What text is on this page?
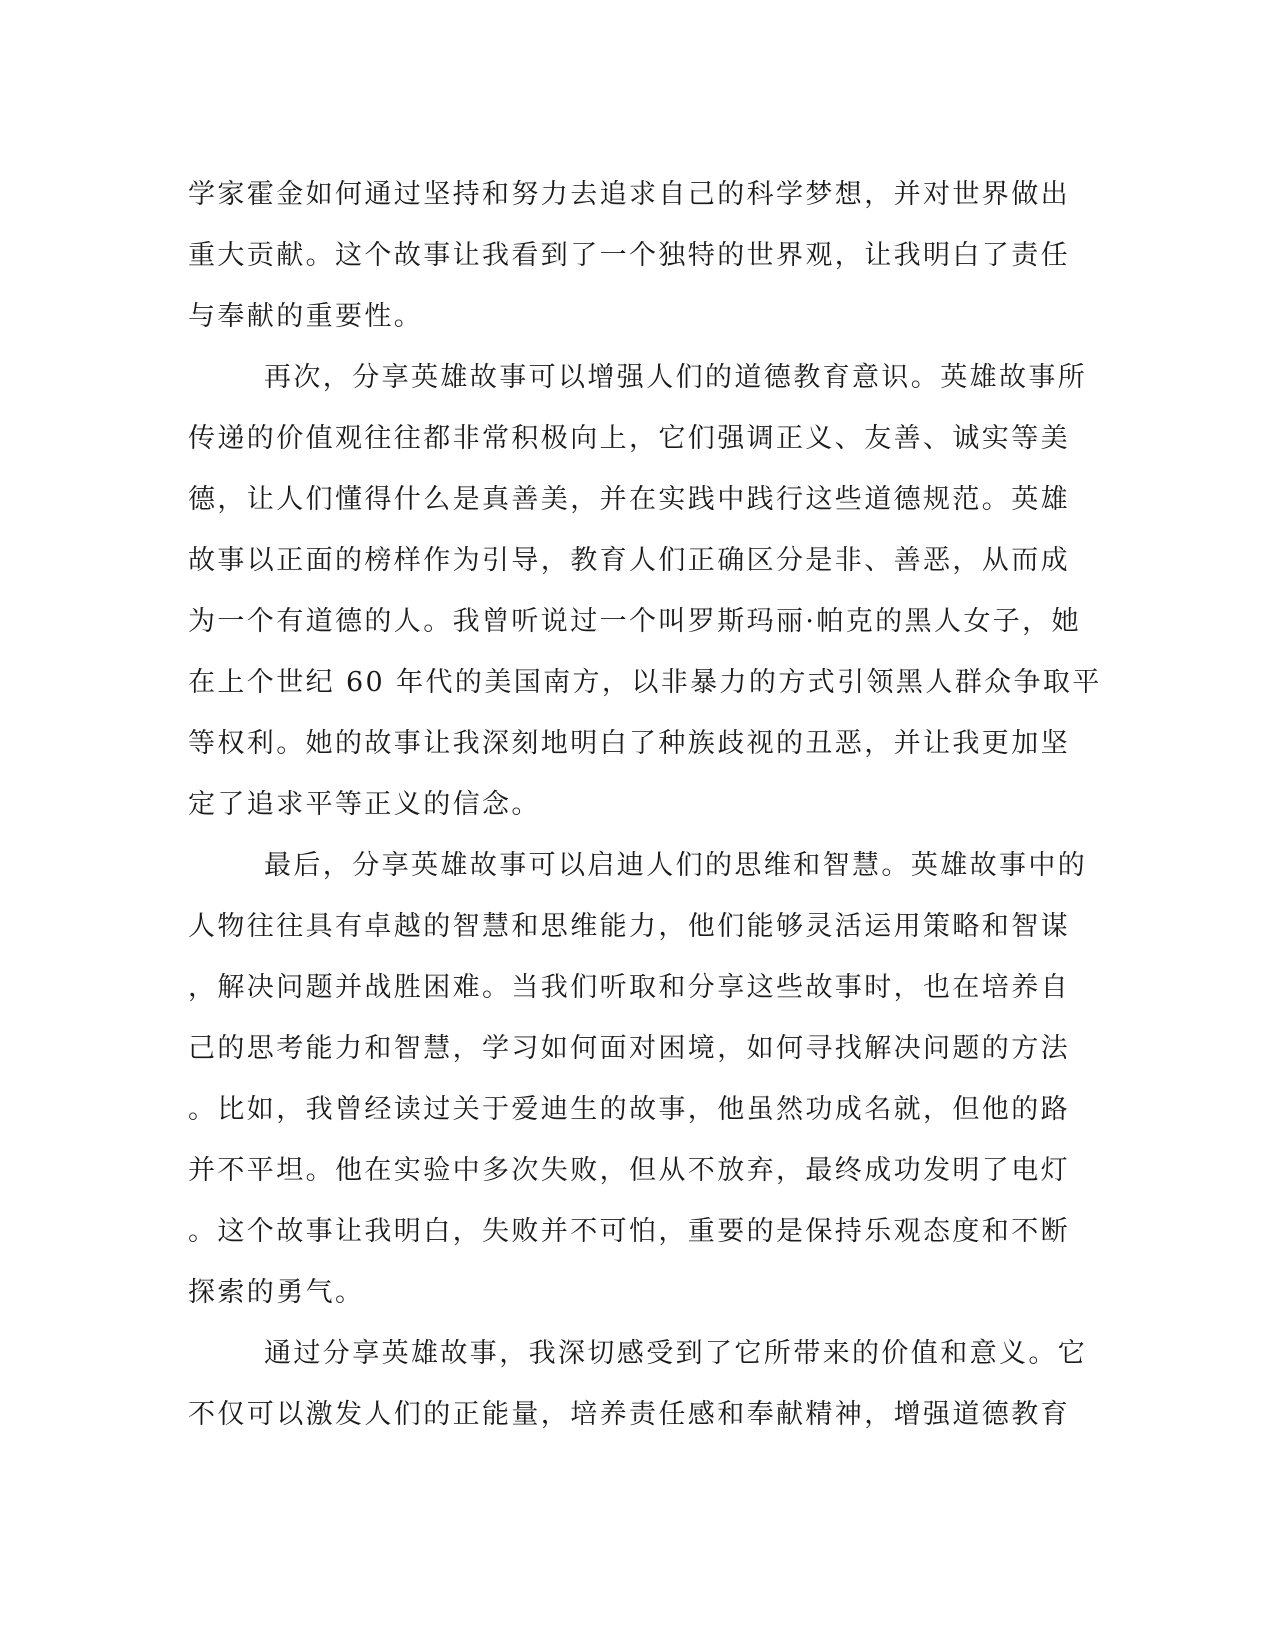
学家霍金如何通过坚持和努力去追求自己的科学梦想，并对世界做出
重大贡献。这个故事让我看到了一个独特的世界观，让我明白了责任
与奉献的重要性。
再次，分享英雄故事可以增强人们的道德教育意识。英雄故事所
传递的价值观往往都非常积极向上，它们强调正义、友善、诚实等美
德，让人们懂得什么是真善美，并在实践中践行这些道德规范。英雄
故事以正面的榜样作为引导，教育人们正确区分是非、善恶，从而成
为一个有道德的人。我曾听说过一个叫罗斯玛丽·帕克的黑人女子，她
在上个世纪 60 年代的美国南方，以非暴力的方式引领黑人群众争取平
等权利。她的故事让我深刻地明白了种族歧视的丑恶，并让我更加坚
定了追求平等正义的信念。
最后，分享英雄故事可以启迪人们的思维和智慧。英雄故事中的
人物往往具有卓越的智慧和思维能力，他们能够灵活运用策略和智谋
，解决问题并战胜困难。当我们听取和分享这些故事时，也在培养自
己的思考能力和智慧，学习如何面对困境，如何寻找解决问题的方法
。比如，我曾经读过关于爱迪生的故事，他虽然功成名就，但他的路
并不平坦。他在实验中多次失败，但从不放弃，最终成功发明了电灯
。这个故事让我明白，失败并不可怕，重要的是保持乐观态度和不断
探索的勇气。
通过分享英雄故事，我深切感受到了它所带来的价值和意义。它
不仅可以激发人们的正能量，培养责任感和奉献精神，增强道德教育
